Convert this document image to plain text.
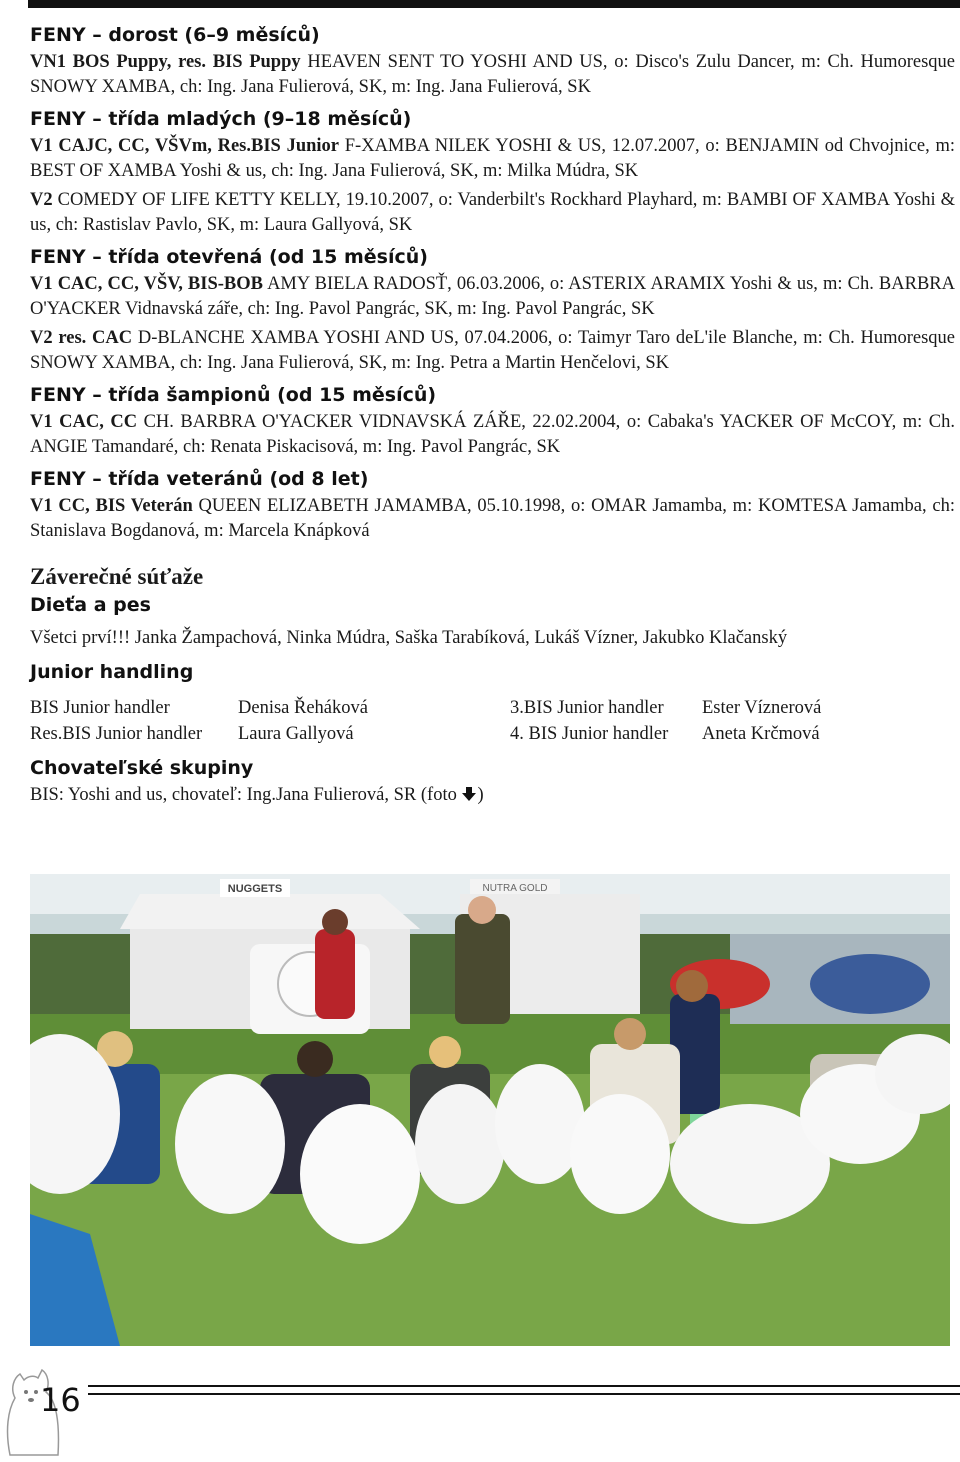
FENY – dorost (6–9 měsíců)

VN1 BOS Puppy, res. BIS Puppy HEAVEN SENT TO YOSHI AND US, o: Disco's Zulu Dancer, m: Ch. Humoresque SNOWY XAMBA, ch: Ing. Jana Fulierová, SK, m: Ing. Jana Fulierová, SK

FENY – třída mladých (9–18 měsíců)

V1 CAJC, CC, VŠVm, Res.BIS Junior F-XAMBA NILEK YOSHI & US, 12.07.2007, o: BENJAMIN od Chvojnice, m: BEST OF XAMBA Yoshi & us, ch: Ing. Jana Fulierová, SK, m: Milka Múdra, SK

V2 COMEDY OF LIFE KETTY KELLY, 19.10.2007, o: Vanderbilt's Rockhard Playhard, m: BAMBI OF XAMBA Yoshi & us, ch: Rastislav Pavlo, SK, m: Laura Gallyová, SK

FENY – třída otevřená (od 15 měsíců)

V1 CAC, CC, VŠV, BIS-BOB AMY BIELA RADOSŤ, 06.03.2006, o: ASTERIX ARAMIX Yoshi & us, m: Ch. BARBRA O'YACKER Vidnavská záře, ch: Ing. Pavol Pangrác, SK, m: Ing. Pavol Pangrác, SK

V2 res. CAC D-BLANCHE XAMBA YOSHI AND US, 07.04.2006, o: Taimyr Taro deL'ile Blanche, m: Ch. Humoresque SNOWY XAMBA, ch: Ing. Jana Fulierová, SK, m: Ing. Petra a Martin Henčelovi, SK

FENY – třída šampionů (od 15 měsíců)

V1 CAC, CC CH. BARBRA O'YACKER VIDNAVSKÁ ZÁŘE, 22.02.2004, o: Cabaka's YACKER OF McCOY, m: Ch. ANGIE Tamandaré, ch: Renata Piskacisová, m: Ing. Pavol Pangrác, SK

FENY – třída veteránů (od 8 let)

V1 CC, BIS Veterán QUEEN ELIZABETH JAMAMBA, 05.10.1998, o: OMAR Jamamba, m: KOMTESA Jamamba, ch: Stanislava Bogdanová, m: Marcela Knápková

Záverečné súťaže
Dieťa a pes

Všetci prví!!! Janka Žampachová, Ninka Múdra, Saška Tarabíková, Lukáš Vízner, Jakubko Klačanský

Junior handling
BIS Junior handler	Denisa Řeháková	3.BIS Junior handler	Ester Víznerová
Res.BIS Junior handler	Laura Gallyová	4. BIS Junior handler	Aneta Krčmová
Chovateľské skupiny

BIS: Yoshi and us, chovateľ: Ing.Jana Fulierová, SR (foto )

NUGGETS	NUTRA GOLD
16
